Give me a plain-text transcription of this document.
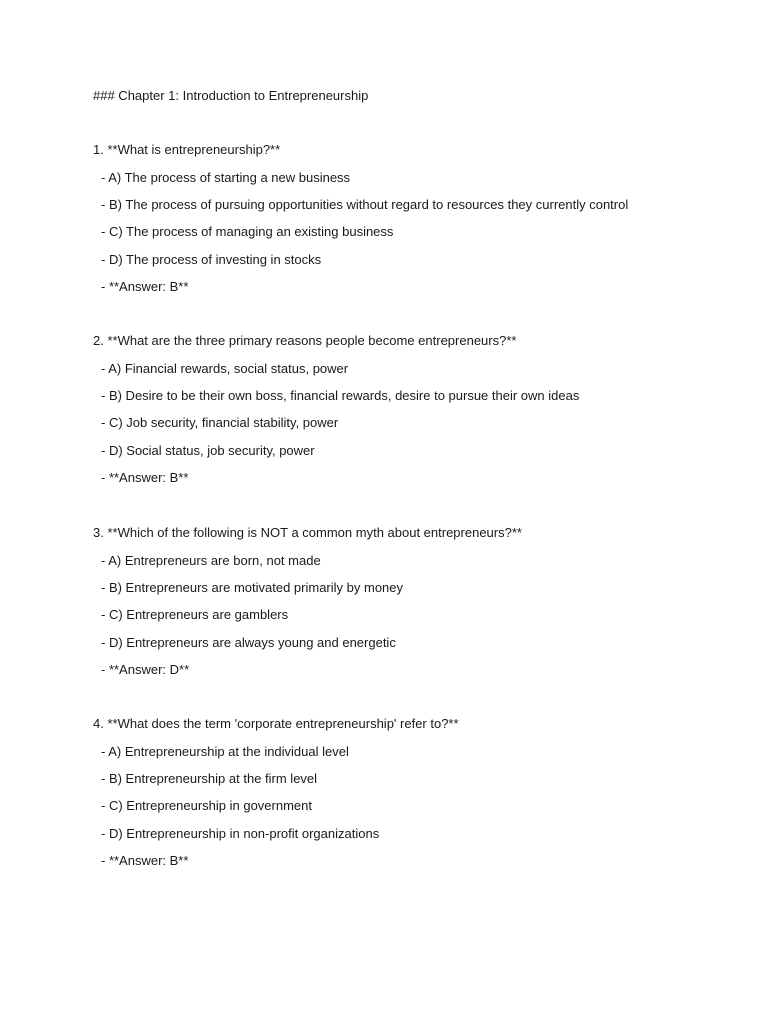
### Chapter 1: Introduction to Entrepreneurship
1. **What is entrepreneurship?**
- A) The process of starting a new business
- B) The process of pursuing opportunities without regard to resources they currently control
- C) The process of managing an existing business
- D) The process of investing in stocks
- **Answer: B**
2. **What are the three primary reasons people become entrepreneurs?**
- A) Financial rewards, social status, power
- B) Desire to be their own boss, financial rewards, desire to pursue their own ideas
- C) Job security, financial stability, power
- D) Social status, job security, power
- **Answer: B**
3. **Which of the following is NOT a common myth about entrepreneurs?**
- A) Entrepreneurs are born, not made
- B) Entrepreneurs are motivated primarily by money
- C) Entrepreneurs are gamblers
- D) Entrepreneurs are always young and energetic
- **Answer: D**
4. **What does the term 'corporate entrepreneurship' refer to?**
- A) Entrepreneurship at the individual level
- B) Entrepreneurship at the firm level
- C) Entrepreneurship in government
- D) Entrepreneurship in non-profit organizations
- **Answer: B**
